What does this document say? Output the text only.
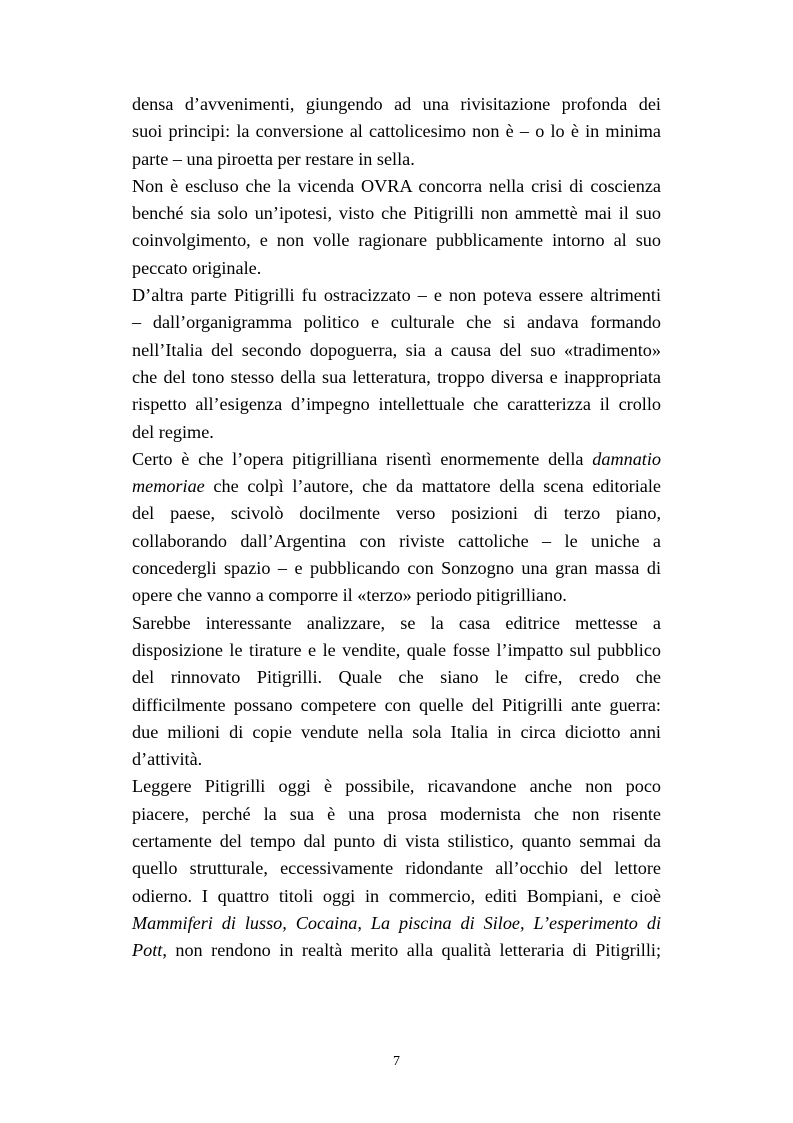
densa d’avvenimenti, giungendo ad una rivisitazione profonda dei
suoi principi: la conversione al cattolicesimo non è – o lo è in minima
parte – una piroetta per restare in sella.
Non è escluso che la vicenda OVRA concorra nella crisi di coscienza
benché sia solo un’ipotesi, visto che Pitigrilli non ammettè mai il suo
coinvolgimento, e non volle ragionare pubblicamente intorno al suo
peccato originale.
D’altra parte Pitigrilli fu ostracizzato – e non poteva essere altrimenti
– dall’organigramma politico e culturale che si andava formando
nell’Italia del secondo dopoguerra, sia a causa del suo «tradimento»
che del tono stesso della sua letteratura, troppo diversa e inappropriata
rispetto all’esigenza d’impegno intellettuale che caratterizza il crollo
del regime.
Certo è che l’opera pitigrilliana risentì enormemente della damnatio
memoriae che colpì l’autore, che da mattatore della scena editoriale
del paese, scivolò docilmente verso posizioni di terzo piano,
collaborando dall’Argentina con riviste cattoliche – le uniche a
concedergli spazio – e pubblicando con Sonzogno una gran massa di
opere che vanno a comporre il «terzo» periodo pitigrilliano.
Sarebbe interessante analizzare, se la casa editrice mettesse a
disposizione le tirature e le vendite, quale fosse l’impatto sul pubblico
del rinnovato Pitigrilli. Quale che siano le cifre, credo che
difficilmente possano competere con quelle del Pitigrilli ante guerra:
due milioni di copie vendute nella sola Italia in circa diciotto anni
d’attività.
Leggere Pitigrilli oggi è possibile, ricavandone anche non poco
piacere, perché la sua è una prosa modernista che non risente
certamente del tempo dal punto di vista stilistico, quanto semmai da
quello strutturale, eccessivamente ridondante all’occhio del lettore
odierno. I quattro titoli oggi in commercio, editi Bompiani, e cioè
Mammiferi di lusso, Cocaina, La piscina di Siloe, L’esperimento di
Pott, non rendono in realtà merito alla qualità letteraria di Pitigrilli;
7
